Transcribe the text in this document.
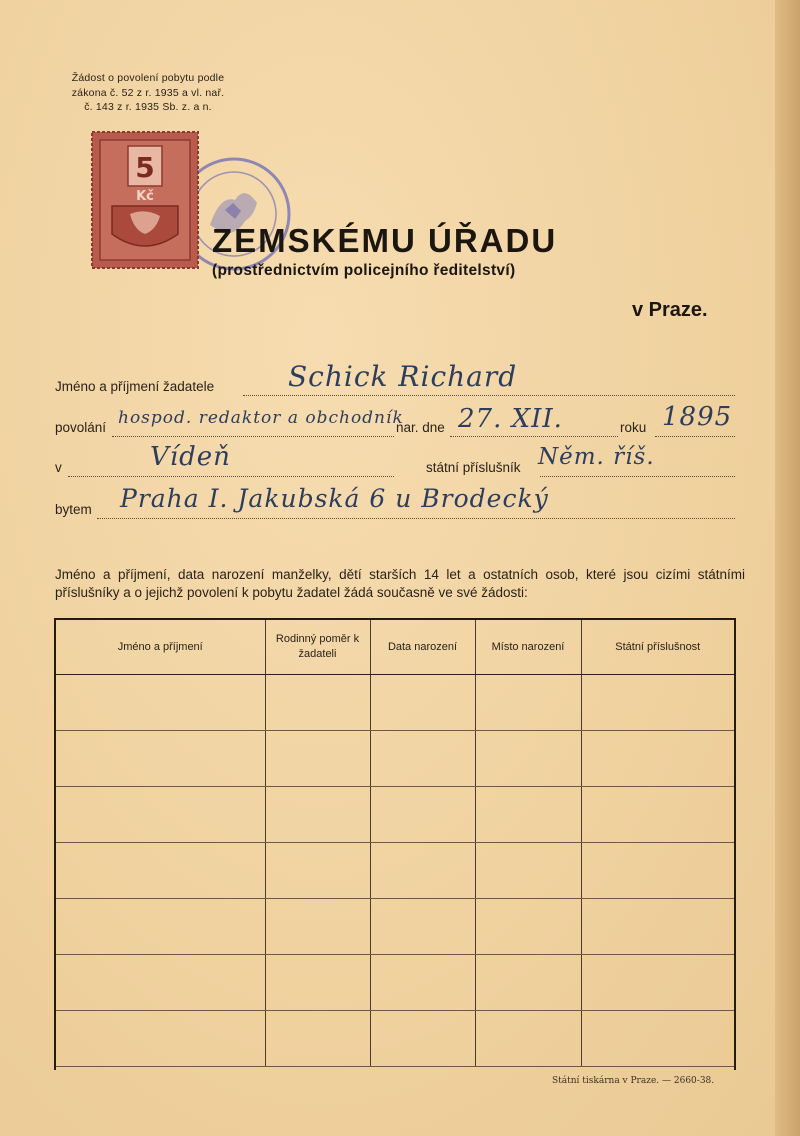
Žádost o povolení pobytu podle
zákona č. 52 z r. 1935 a vl. nař.
č. 143 z r. 1935 Sb. z. a n.
5
Kč
ZEMSKÉMU ÚŘADU
(prostřednictvím policejního ředitelství)
v Praze.
Jméno a příjmení žadatele	Schick Richard
povolání hospod. redaktor a obchodník
nar. dne 27. XII.	roku 1895
v	Vídeň	státní příslušník Něm. říš.
bytem Praha I. Jakubská 6 u Brodecký
Jméno a příjmení, data narození manželky, dětí starších 14 let a ostatních osob, které jsou cizími státními příslušníky a o jejichž povolení k pobytu žadatel žádá současně ve své žádosti:
Jméno a příjmení	Rodinný poměr k žadateli	Data narození	Místo narození	Státní příslušnost

Státní tiskárna v Praze. — 2660-38.
